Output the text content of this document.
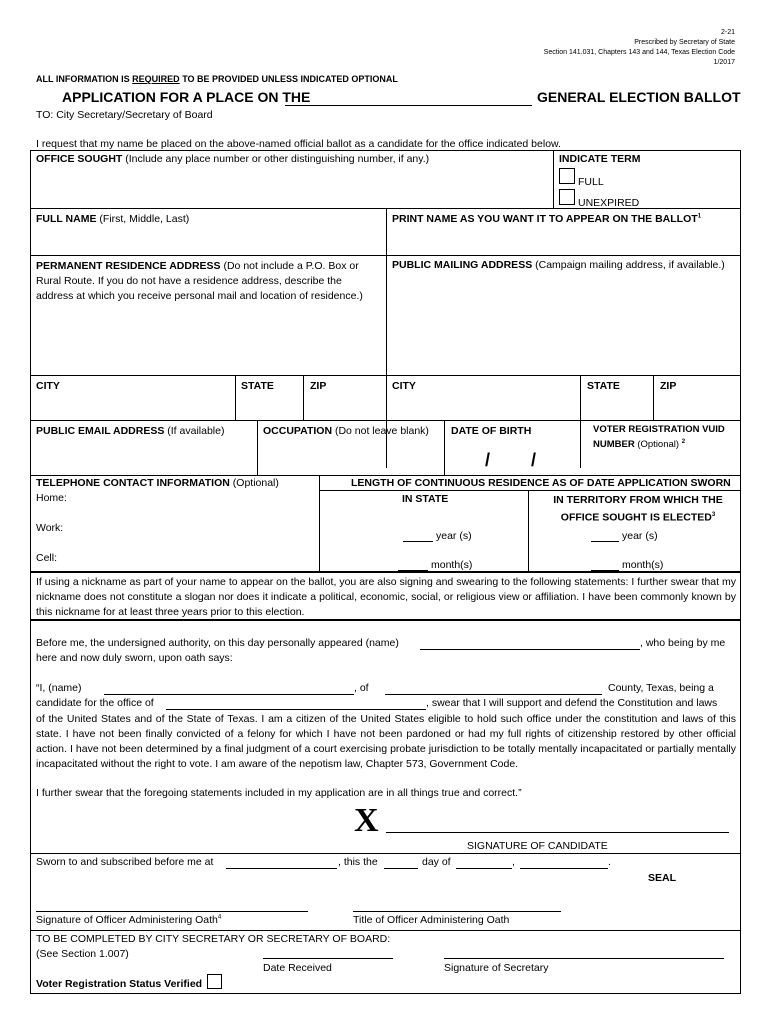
2-21
Prescribed by Secretary of State
Section 141.031, Chapters 143 and 144, Texas Election Code
1/2017
ALL INFORMATION IS REQUIRED TO BE PROVIDED UNLESS INDICATED OPTIONAL
APPLICATION FOR A PLACE ON THE	GENERAL ELECTION BALLOT
TO: City Secretary/Secretary of Board
I request that my name be placed on the above-named official ballot as a candidate for the office indicated below.
OFFICE SOUGHT (Include any place number or other distinguishing number, if any.)	INDICATE TERM
FULL
UNEXPIRED
FULL NAME (First, Middle, Last)	PRINT NAME AS YOU WANT IT TO APPEAR ON THE BALLOT$^1$
PERMANENT RESIDENCE ADDRESS (Do not include a P.O. Box or Rural Route. If you do not have a residence address, describe the address at which you receive personal mail and location of residence.)
PUBLIC MAILING ADDRESS (Campaign mailing address, if available.)
CITY	STATE	ZIP	CITY	STATE	ZIP
PUBLIC EMAIL ADDRESS (If available)	OCCUPATION (Do not leave blank) DATE OF BIRTH
/ /
VOTER REGISTRATION VUID
NUMBER (Optional) $^2$
TELEPHONE CONTACT INFORMATION (Optional)
Home:
Work:
Cell:
LENGTH OF CONTINUOUS RESIDENCE AS OF DATE APPLICATION SWORN
IN STATE	IN TERRITORY FROM WHICH THE
OFFICE SOUGHT IS ELECTED$^3$
year (s)	year (s)
month(s)	month(s)
If using a nickname as part of your name to appear on the ballot, you are also signing and swearing to the following statements: I further swear that my nickname does not constitute a slogan nor does it indicate a political, economic, social, or religious view or affiliation. I have been commonly known by this nickname for at least three years prior to this election.
Before me, the undersigned authority, on this day personally appeared (name)	, who being by me
here and now duly sworn, upon oath says:
“I, (name)	, of	County, Texas, being a
candidate for the office of	, swear that I will support and defend the Constitution and laws
of the United States and of the State of Texas. I am a citizen of the United States eligible to hold such office under the constitution and laws of this state. I have not been finally convicted of a felony for which I have not been pardoned or had my full rights of citizenship restored by other official action. I have not been determined by a final judgment of a court exercising probate jurisdiction to be totally mentally incapacitated or partially mentally incapacitated without the right to vote. I am aware of the nepotism law, Chapter 573, Government Code.
I further swear that the foregoing statements included in my application are in all things true and correct.”
X
SIGNATURE OF CANDIDATE
Sworn to and subscribed before me at	, this the	day of	,	.
SEAL
Signature of Officer Administering Oath$^4$	Title of Officer Administering Oath
TO BE COMPLETED BY CITY SECRETARY OR SECRETARY OF BOARD:
(See Section 1.007)
Date Received	Signature of Secretary
Voter Registration Status Verified
